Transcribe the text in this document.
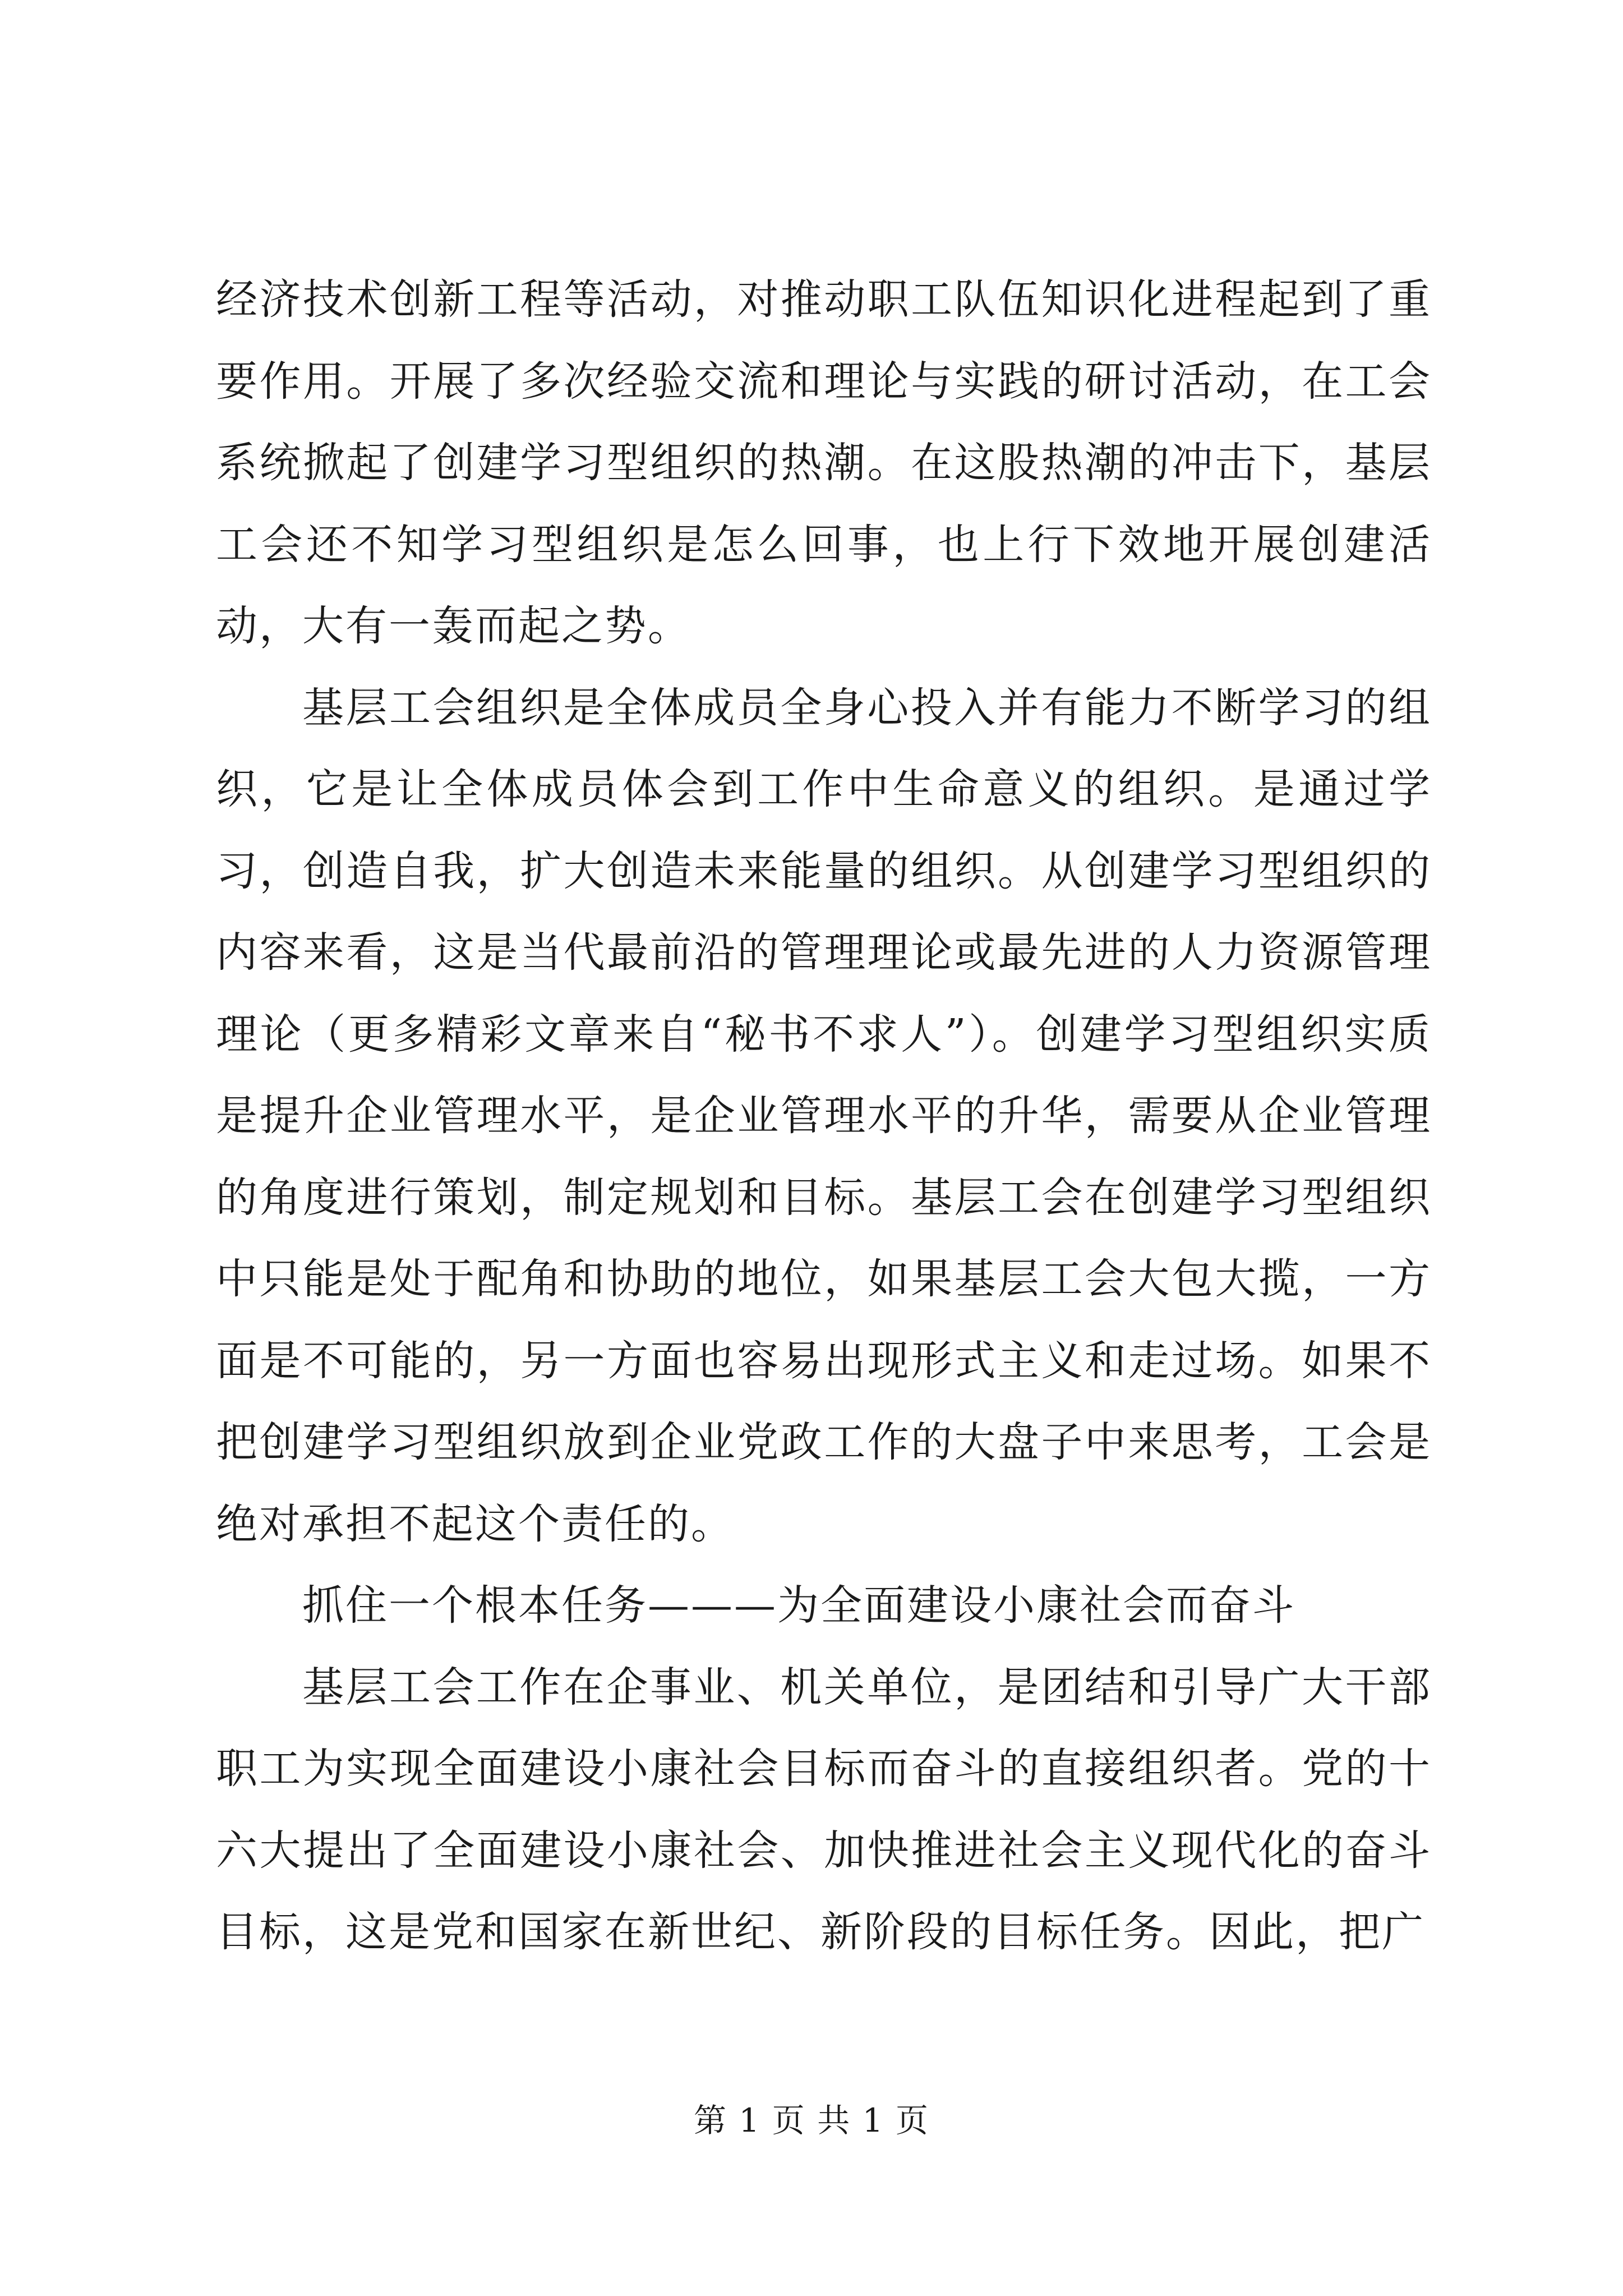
经济技术创新工程等活动，对推动职工队伍知识化进程起到了重要作用。开展了多次经验交流和理论与实践的研讨活动，在工会系统掀起了创建学习型组织的热潮。在这股热潮的冲击下，基层工会还不知学习型组织是怎么回事，也上行下效地开展创建活动，大有一轰而起之势。

基层工会组织是全体成员全身心投入并有能力不断学习的组织，它是让全体成员体会到工作中生命意义的组织。是通过学习，创造自我，扩大创造未来能量的组织。从创建学习型组织的内容来看，这是当代最前沿的管理理论或最先进的人力资源管理理论（更多精彩文章来自“秘书不求人”）。创建学习型组织实质是提升企业管理水平，是企业管理水平的升华，需要从企业管理的角度进行策划，制定规划和目标。基层工会在创建学习型组织中只能是处于配角和协助的地位，如果基层工会大包大揽，一方面是不可能的，另一方面也容易出现形式主义和走过场。如果不把创建学习型组织放到企业党政工作的大盘子中来思考，工会是绝对承担不起这个责任的。

抓住一个根本任务———为全面建设小康社会而奋斗

基层工会工作在企事业、机关单位，是团结和引导广大干部职工为实现全面建设小康社会目标而奋斗的直接组织者。党的十六大提出了全面建设小康社会、加快推进社会主义现代化的奋斗目标，这是党和国家在新世纪、新阶段的目标任务。因此，把广

第 1 页 共 1 页
